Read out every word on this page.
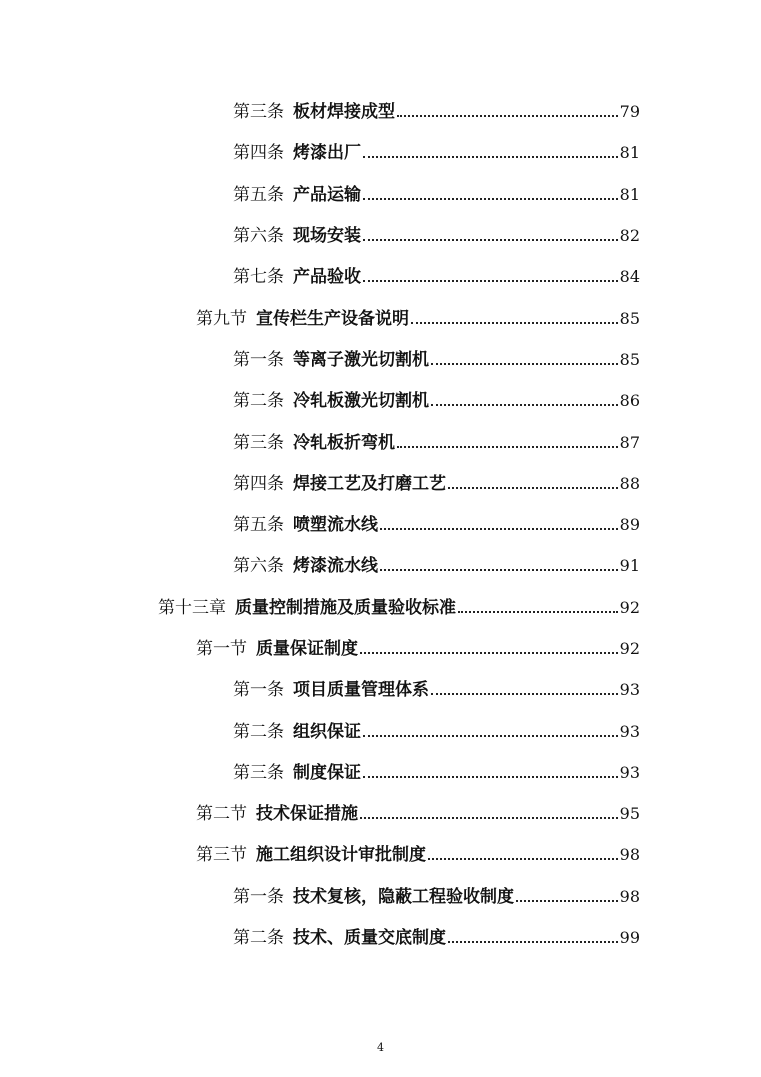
第三条 板材焊接成型	79
第四条 烤漆出厂	81
第五条 产品运输	81
第六条 现场安装	82
第七条 产品验收	84
第九节 宣传栏生产设备说明	85
第一条 等离子激光切割机	85
第二条 冷轧板激光切割机	86
第三条 冷轧板折弯机	87
第四条 焊接工艺及打磨工艺	88
第五条 喷塑流水线	89
第六条 烤漆流水线	91
第十三章 质量控制措施及质量验收标准	92
第一节 质量保证制度	92
第一条 项目质量管理体系	93
第二条 组织保证	93
第三条 制度保证	93
第二节 技术保证措施	95
第三节 施工组织设计审批制度	98
第一条 技术复核，隐蔽工程验收制度	98
第二条 技术、质量交底制度	99
4
